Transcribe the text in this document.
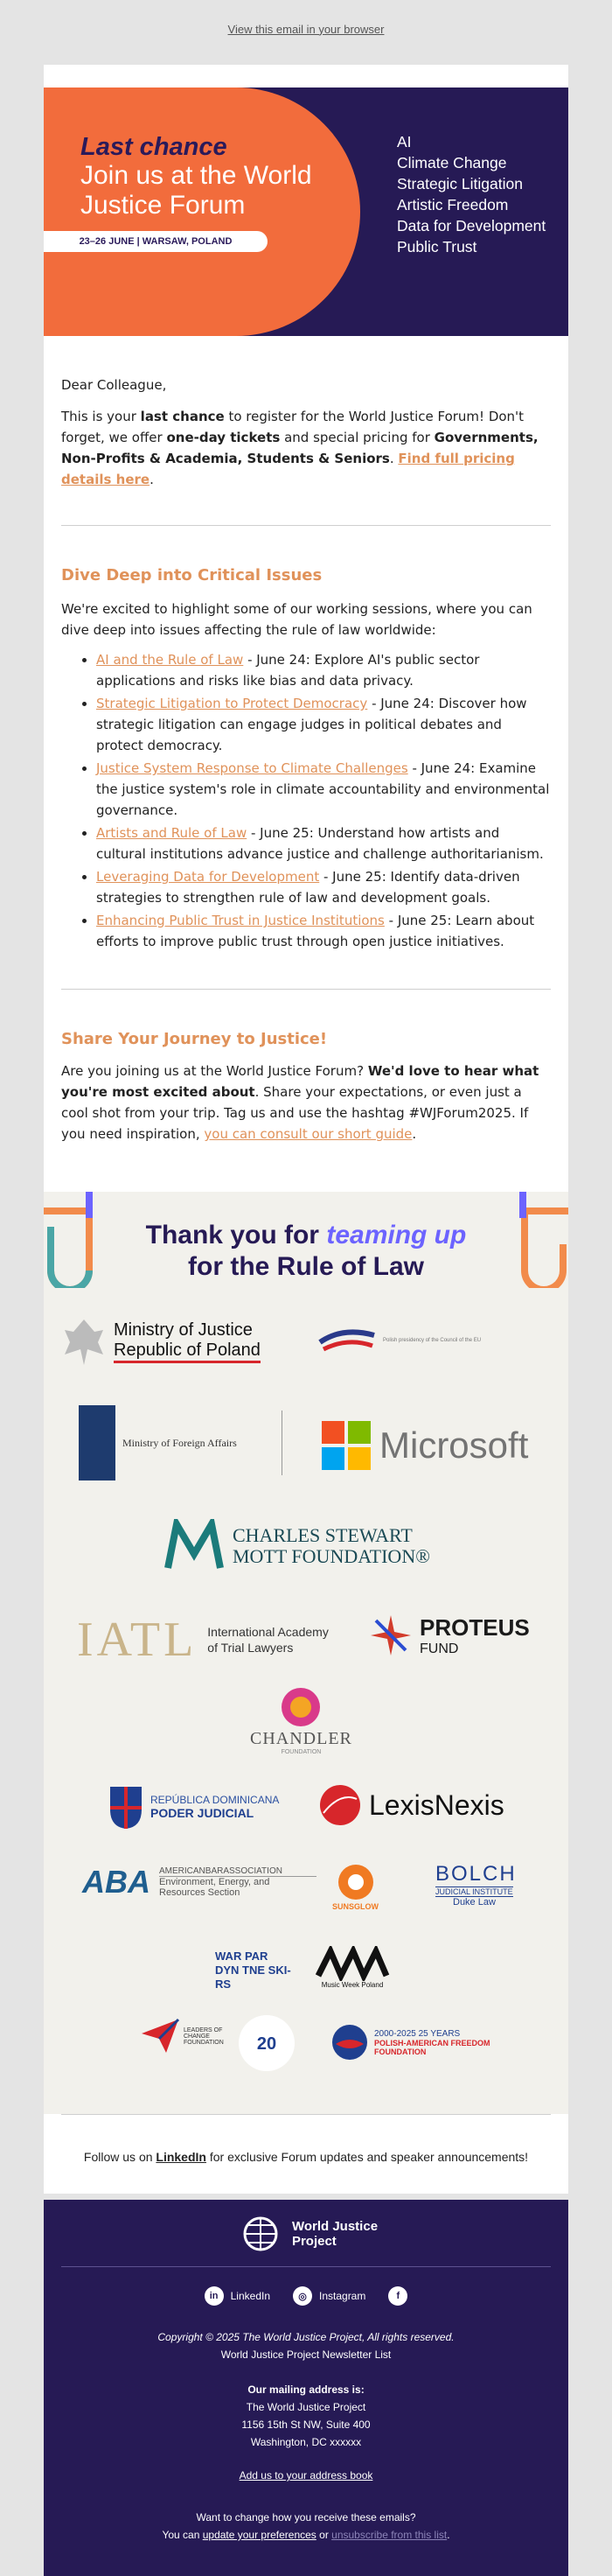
View this email in your browser
Last chance
Join us at the World Justice Forum
23–26 JUNE | WARSAW, POLAND
AI
Climate Change
Strategic Litigation
Artistic Freedom
Data for Development
Public Trust

Dear Colleague,

This is your last chance to register for the World Justice Forum! Don't forget, we offer one-day tickets and special pricing for Governments, Non-Profits & Academia, Students & Seniors. Find full pricing details here.

Dive Deep into Critical Issues

We're excited to highlight some of our working sessions, where you can dive deep into issues affecting the rule of law worldwide:

• AI and the Rule of Law - June 24: Explore AI's public sector applications and risks like bias and data privacy.
• Strategic Litigation to Protect Democracy - June 24: Discover how strategic litigation can engage judges in political debates and protect democracy.
• Justice System Response to Climate Challenges - June 24: Examine the justice system's role in climate accountability and environmental governance.
• Artists and Rule of Law - June 25: Understand how artists and cultural institutions advance justice and challenge authoritarianism.
• Leveraging Data for Development - June 25: Identify data-driven strategies to strengthen rule of law and development goals.
• Enhancing Public Trust in Justice Institutions - June 25: Learn about efforts to improve public trust through open justice initiatives.
Share Your Journey to Justice!

Are you joining us at the World Justice Forum? We'd love to hear what you're most excited about. Share your expectations, or even just a cool shot from your trip. Tag us and use the hashtag #WJForum2025. If you need inspiration, you can consult our short guide.

Thank you for teaming up
for the Rule of Law
Ministry of Justice
Republic of Poland	Polish presidency of the Council of the EU
Ministry of Foreign Affairs	Microsoft
CHARLES STEWART
MOTT FOUNDATION®
IATL International Academy
of Trial Lawyers
PROTEUS
FUND
CHANDLER
FOUNDATION
REPÚBLICA DOMINICANA
PODER JUDICIAL	LexisNexis
ABA AMERICANBARASSOCIATION
Environment, Energy, and Resources Section
SUNSGLOW
BOLCH
JUDICIAL INSTITUTE
Duke Law
WAR PAR DYN TNE SKI- RS	Music Week Poland
LEADERS OF CHANGE FOUNDATION 20
2000-2025 25 YEARS
POLISH-AMERICAN FREEDOM FOUNDATION
Follow us on LinkedIn for exclusive Forum updates and speaker announcements!
World Justice
Project
in	LinkedIn	◎	Instagram	f
Copyright © 2025 The World Justice Project, All rights reserved.
World Justice Project Newsletter List
Our mailing address is:
The World Justice Project
1156 15th St NW, Suite 400
Washington, DC xxxxxx
Add us to your address book
Want to change how you receive these emails?
You can update your preferences or unsubscribe from this list.
